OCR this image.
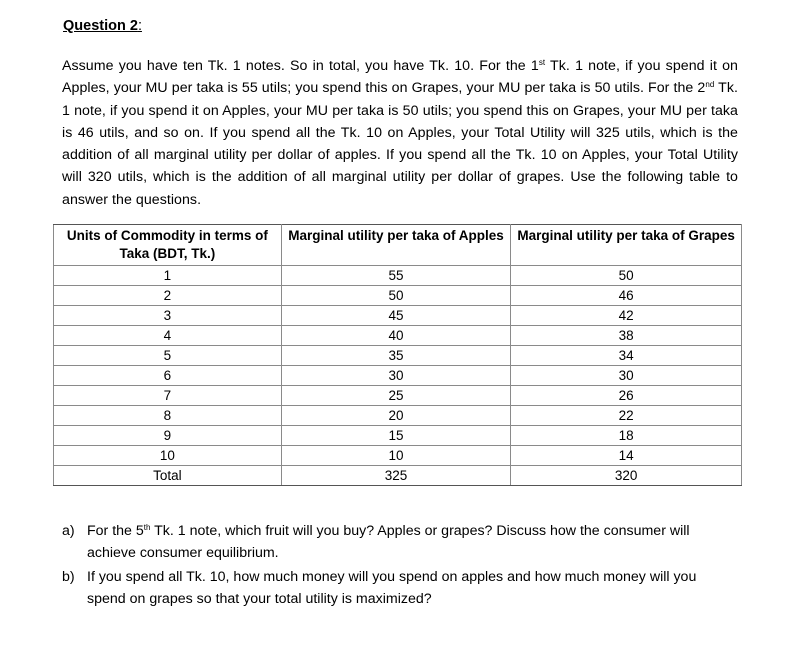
Question 2:
Assume you have ten Tk. 1 notes. So in total, you have Tk. 10. For the 1st Tk. 1 note, if you spend it on Apples, your MU per taka is 55 utils; you spend this on Grapes, your MU per taka is 50 utils. For the 2nd Tk. 1 note, if you spend it on Apples, your MU per taka is 50 utils; you spend this on Grapes, your MU per taka is 46 utils, and so on. If you spend all the Tk. 10 on Apples, your Total Utility will 325 utils, which is the addition of all marginal utility per dollar of apples. If you spend all the Tk. 10 on Apples, your Total Utility will 320 utils, which is the addition of all marginal utility per dollar of grapes. Use the following table to answer the questions.
Units of Commodity in terms of Taka (BDT, Tk.)	Marginal utility per taka of Apples	Marginal utility per taka of Grapes
1	55	50
2	50	46
3	45	42
4	40	38
5	35	34
6	30	30
7	25	26
8	20	22
9	15	18
10	10	14
Total	325	320
a) For the 5th Tk. 1 note, which fruit will you buy? Apples or grapes? Discuss how the consumer will achieve consumer equilibrium.
b) If you spend all Tk. 10, how much money will you spend on apples and how much money will you spend on grapes so that your total utility is maximized?
